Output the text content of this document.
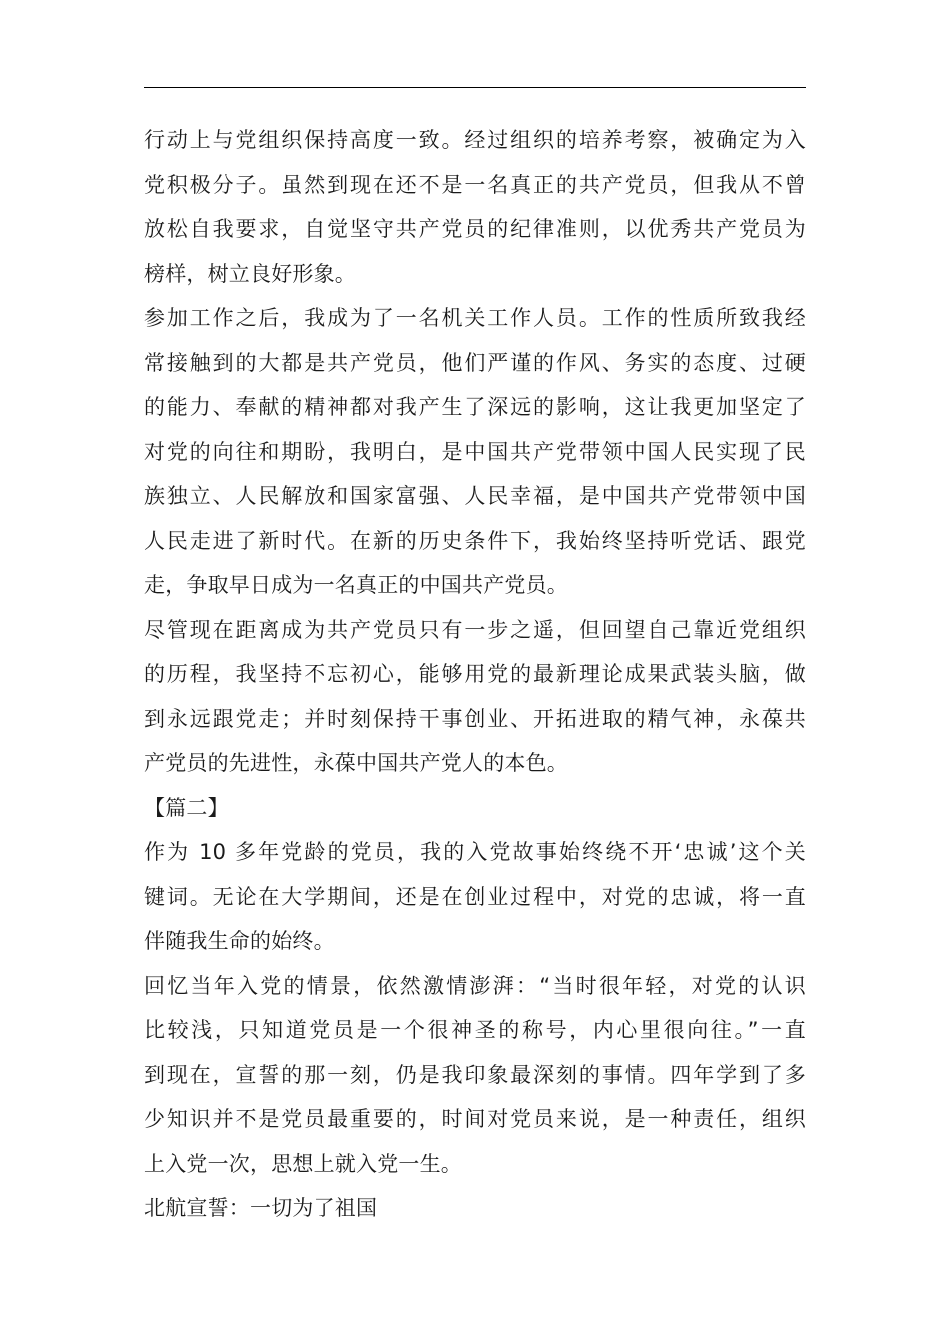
行动上与党组织保持高度一致。经过组织的培养考察，被确定为入
党积极分子。虽然到现在还不是一名真正的共产党员，但我从不曾
放松自我要求，自觉坚守共产党员的纪律准则，以优秀共产党员为
榜样，树立良好形象。
参加工作之后，我成为了一名机关工作人员。工作的性质所致我经
常接触到的大都是共产党员，他们严谨的作风、务实的态度、过硬
的能力、奉献的精神都对我产生了深远的影响，这让我更加坚定了
对党的向往和期盼，我明白，是中国共产党带领中国人民实现了民
族独立、人民解放和国家富强、人民幸福，是中国共产党带领中国
人民走进了新时代。在新的历史条件下，我始终坚持听党话、跟党
走，争取早日成为一名真正的中国共产党员。
尽管现在距离成为共产党员只有一步之遥，但回望自己靠近党组织
的历程，我坚持不忘初心，能够用党的最新理论成果武装头脑，做
到永远跟党走；并时刻保持干事创业、开拓进取的精气神，永葆共
产党员的先进性，永葆中国共产党人的本色。
【篇二】
作为 10 多年党龄的党员，我的入党故事始终绕不开‘忠诚’这个关
键词。无论在大学期间，还是在创业过程中，对党的忠诚，将一直
伴随我生命的始终。
回忆当年入党的情景，依然激情澎湃：“当时很年轻，对党的认识
比较浅，只知道党员是一个很神圣的称号，内心里很向往。”一直
到现在，宣誓的那一刻，仍是我印象最深刻的事情。四年学到了多
少知识并不是党员最重要的，时间对党员来说，是一种责任，组织
上入党一次，思想上就入党一生。
北航宣誓：一切为了祖国
